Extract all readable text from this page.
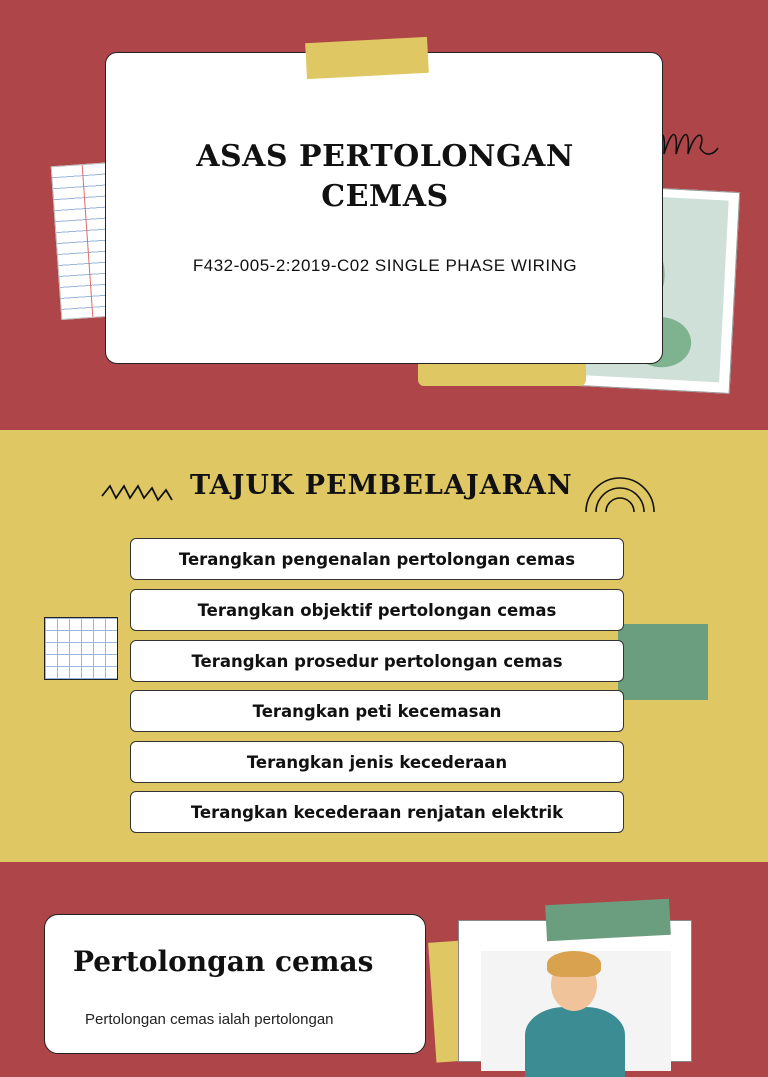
ASAS PERTOLONGAN
CEMAS
F432-005-2:2019-C02 SINGLE PHASE WIRING
TAJUK PEMBELAJARAN
Terangkan pengenalan pertolongan cemas
Terangkan objektif pertolongan cemas
Terangkan prosedur pertolongan cemas
Terangkan peti kecemasan
Terangkan jenis kecederaan
Terangkan kecederaan renjatan elektrik
Pertolongan cemas
Pertolongan cemas ialah pertolongan
